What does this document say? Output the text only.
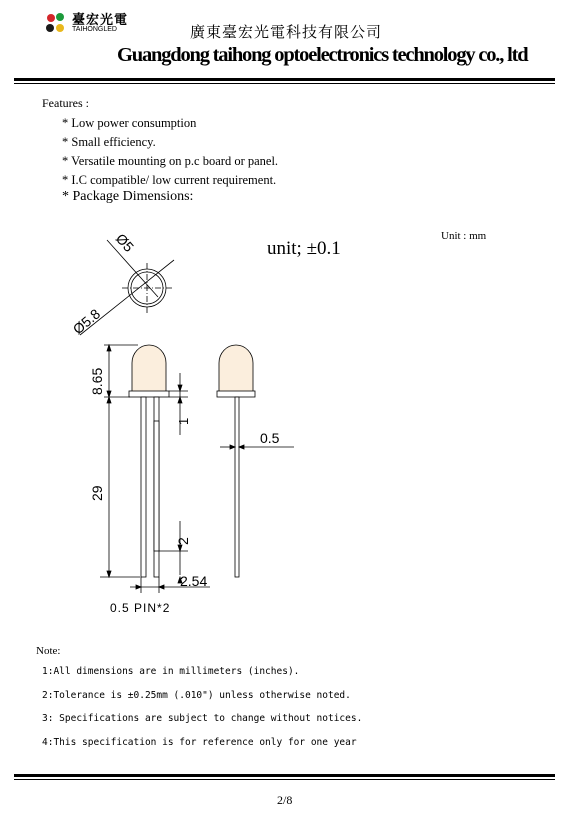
臺宏光電
TAIHONGLED	廣東臺宏光電科技有限公司
Guangdong taihong optoelectronics technology co., ltd
Features :
* Low power consumption
* Small efficiency.
* Versatile mounting on p.c board or panel.
* I.C compatible/ low current requirement.
* Package Dimensions:
unit; ±0.1
Unit : mm
Ø5
Ø5.8
8.65
29
1
2
2.54
0.5 PIN*2
0.5
Note:
1:All dimensions are in millimeters (inches).
2:Tolerance is ±0.25mm (.010") unless otherwise noted.
3: Specifications are subject to change without notices.
4:This specification is for reference only for one year
2/8
